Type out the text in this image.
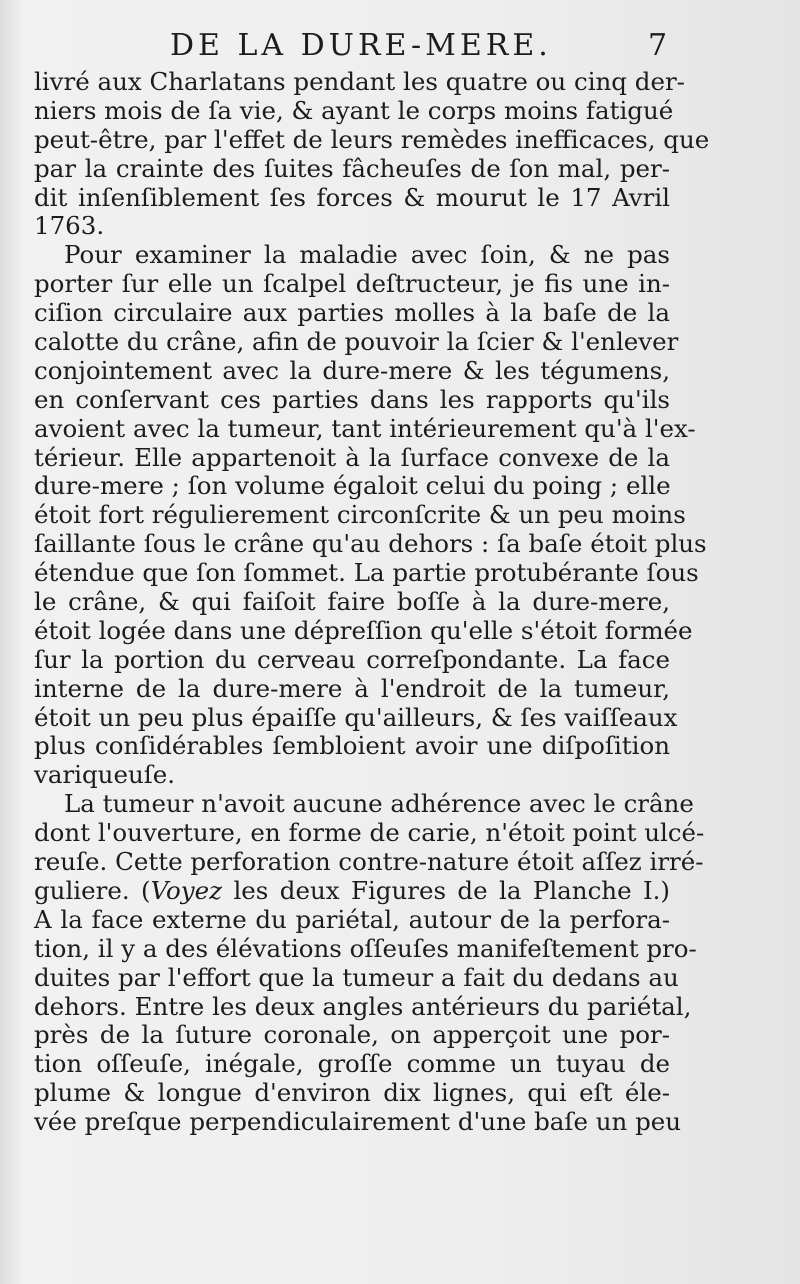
DE LA DURE-MERE.	7
livré aux Charlatans pendant les quatre ou cinq der-
niers mois de ſa vie, & ayant le corps moins fatigué
peut-être, par l'effet de leurs remèdes inefficaces, que
par la crainte des ſuites fâcheuſes de ſon mal, per-
dit inſenſiblement ſes forces & mourut le 17 Avril
1763.
Pour examiner la maladie avec ſoin, & ne pas
porter ſur elle un ſcalpel deſtructeur, je fis une in-
ciſion circulaire aux parties molles à la baſe de la
calotte du crâne, afin de pouvoir la ſcier & l'enlever
conjointement avec la dure-mere & les tégumens,
en conſervant ces parties dans les rapports qu'ils
avoient avec la tumeur, tant intérieurement qu'à l'ex-
térieur. Elle appartenoit à la ſurface convexe de la
dure-mere ; ſon volume égaloit celui du poing ; elle
étoit fort régulierement circonſcrite & un peu moins
ſaillante ſous le crâne qu'au dehors : ſa baſe étoit plus
étendue que ſon ſommet. La partie protubérante ſous
le crâne, & qui faiſoit faire boſſe à la dure-mere,
étoit logée dans une dépreſſion qu'elle s'étoit formée
ſur la portion du cerveau correſpondante. La face
interne de la dure-mere à l'endroit de la tumeur,
étoit un peu plus épaiſſe qu'ailleurs, & ſes vaiſſeaux
plus conſidérables ſembloient avoir une diſpoſition
variqueuſe.
La tumeur n'avoit aucune adhérence avec le crâne
dont l'ouverture, en forme de carie, n'étoit point ulcé-
reuſe. Cette perforation contre-nature étoit aſſez irré-
guliere. (Voyez les deux Figures de la Planche I.)
A la face externe du pariétal, autour de la perfora-
tion, il y a des élévations oſſeuſes manifeſtement pro-
duites par l'effort que la tumeur a fait du dedans au
dehors. Entre les deux angles antérieurs du pariétal,
près de la ſuture coronale, on apperçoit une por-
tion oſſeuſe, inégale, groſſe comme un tuyau de
plume & longue d'environ dix lignes, qui eſt éle-
vée preſque perpendiculairement d'une baſe un peu
